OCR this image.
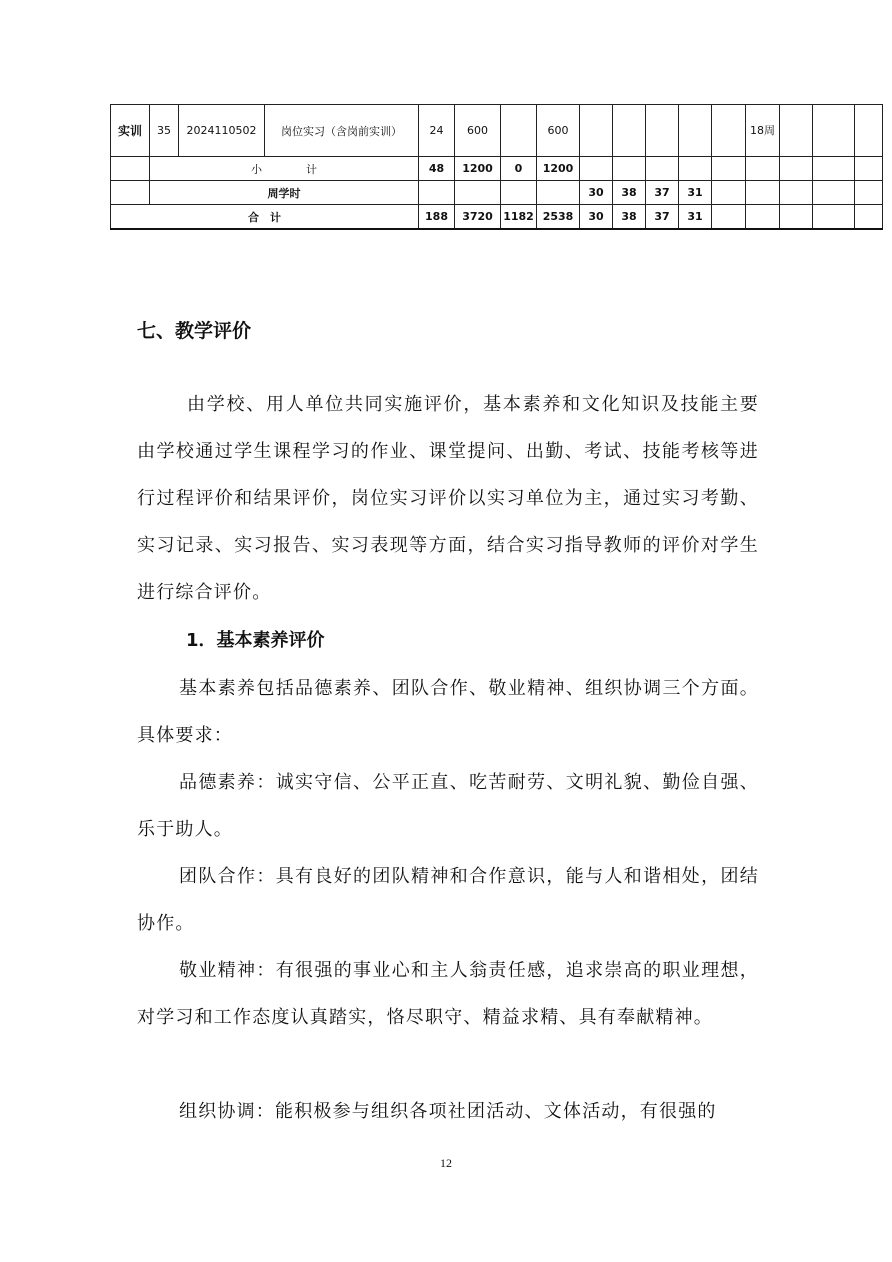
实训	35	2024110502	岗位实习（含岗前实训）	24	600		600						18周			
	小　　　　计			48	1200	0	1200									
	周学时							30	38	37	31					
合　计				188	3720	1182	2538	30	38	37	31					
七、教学评价
由学校、用人单位共同实施评价，基本素养和文化知识及技能主要由学校通过学生课程学习的作业、课堂提问、出勤、考试、技能考核等进行过程评价和结果评价，岗位实习评价以实习单位为主，通过实习考勤、实习记录、实习报告、实习表现等方面，结合实习指导教师的评价对学生进行综合评价。
1．基本素养评价
基本素养包括品德素养、团队合作、敬业精神、组织协调三个方面。具体要求：
品德素养：诚实守信、公平正直、吃苦耐劳、文明礼貌、勤俭自强、乐于助人。
团队合作：具有良好的团队精神和合作意识，能与人和谐相处，团结协作。
敬业精神：有很强的事业心和主人翁责任感，追求崇高的职业理想，对学习和工作态度认真踏实，恪尽职守、精益求精、具有奉献精神。
组织协调：能积极参与组织各项社团活动、文体活动，有很强的
12
